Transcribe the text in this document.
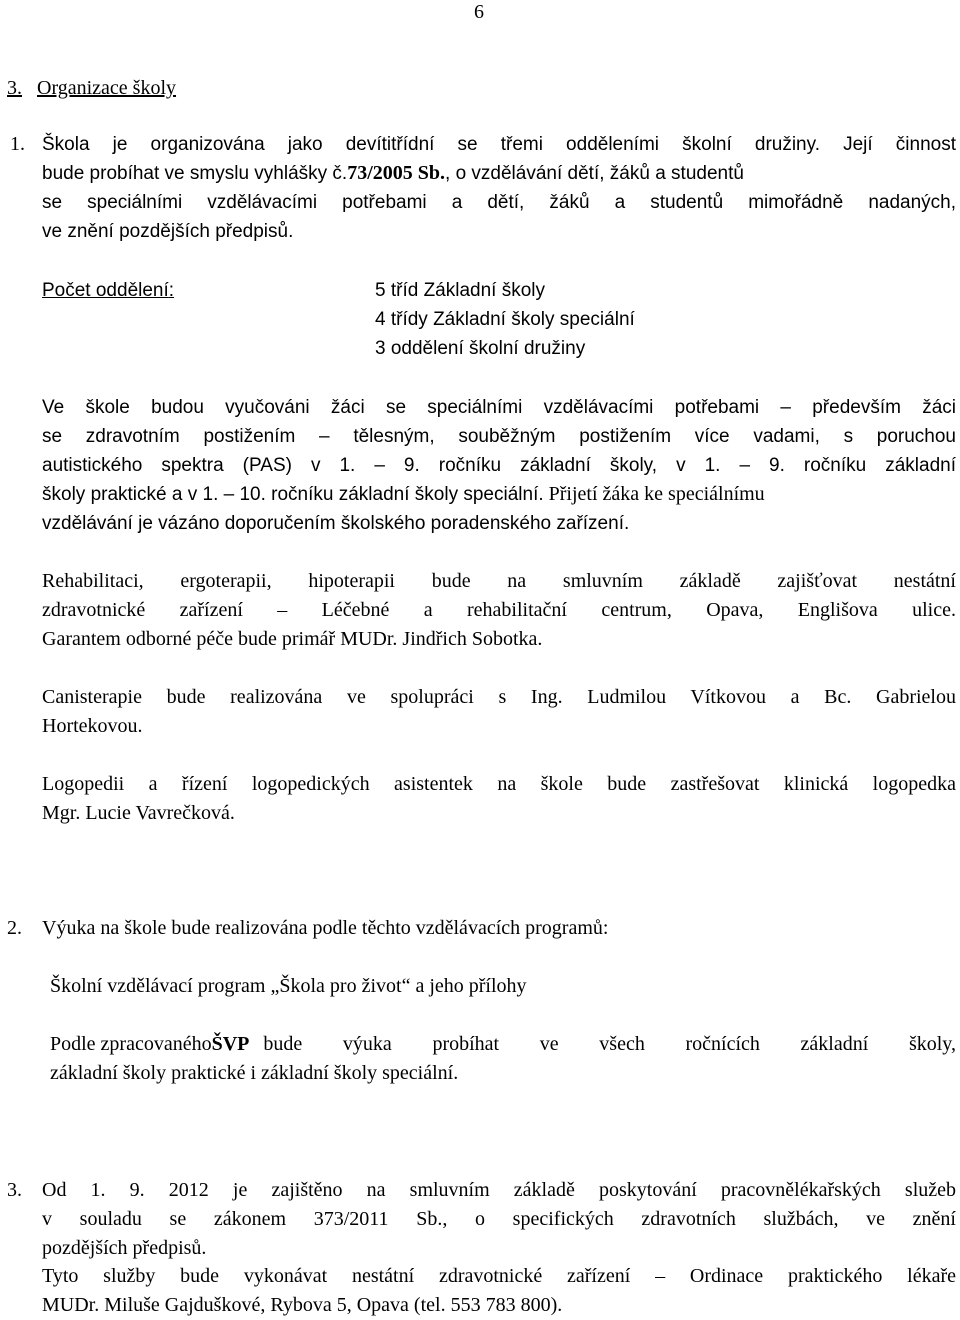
6
3. Organizace školy
1. Škola je organizována jako devítitřídní se třemi odděleními školní družiny. Její činnost
bude probíhat ve smyslu vyhlášky č.73/2005 Sb., o vzdělávání dětí, žáků a studentů
se speciálními vzdělávacími potřebami a dětí, žáků a studentů mimořádně nadaných,
ve znění pozdějších předpisů.
Počet oddělení:	5 tříd Základní školy
4 třídy Základní školy speciální
3 oddělení školní družiny
Ve škole budou vyučováni žáci se speciálními vzdělávacími potřebami – především žáci
se zdravotním postižením – tělesným, souběžným postižením více vadami, s poruchou
autistického spektra (PAS) v 1. – 9. ročníku základní školy, v 1. – 9. ročníku základní
školy praktické a v 1. – 10. ročníku základní školy speciální. Přijetí žáka ke speciálnímu
vzdělávání je vázáno doporučením školského poradenského zařízení.
Rehabilitaci, ergoterapii, hipoterapii bude na smluvním základě zajišťovat nestátní
zdravotnické zařízení – Léčebné a rehabilitační centrum, Opava, Englišova ulice.
Garantem odborné péče bude primář MUDr. Jindřich Sobotka.
Canisterapie bude realizována ve spolupráci s Ing. Ludmilou Vítkovou a Bc. Gabrielou
Hortekovou.
Logopedii a řízení logopedických asistentek na škole bude zastřešovat klinická logopedka
Mgr. Lucie Vavrečková.
2. Výuka na škole bude realizována podle těchto vzdělávacích programů:
Školní vzdělávací program „Škola pro život“ a jeho přílohy
Podle zpracovaného ŠVP bude výuka probíhat ve všech ročnících základní školy,
základní školy praktické i základní školy speciální.
3. Od 1. 9. 2012 je zajištěno na smluvním základě poskytování pracovnělékařských služeb
v souladu se zákonem 373/2011 Sb., o specifických zdravotních službách, ve znění
pozdějších předpisů.
Tyto služby bude vykonávat nestátní zdravotnické zařízení – Ordinace praktického lékaře
MUDr. Miluše Gajduškové, Rybova 5, Opava (tel. 553 783 800).
